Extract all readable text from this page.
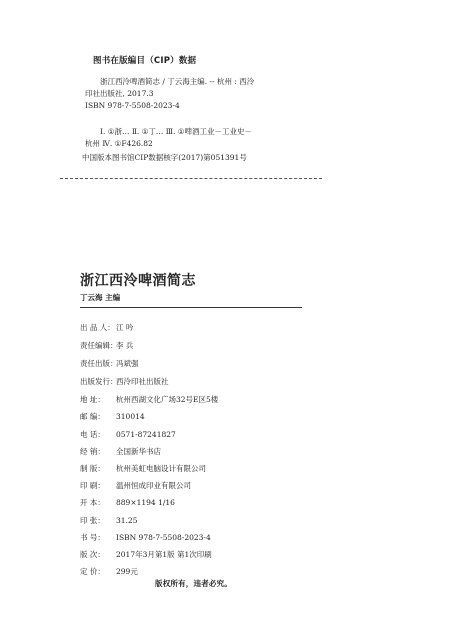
图书在版编目（CIP）数据
浙江西泠啤酒简志 / 丁云海主编. -- 杭州 : 西泠
印社出版社, 2017.3
ISBN 978-7-5508-2023-4
Ⅰ. ①浙… Ⅱ. ①丁… Ⅲ. ①啤酒工业－工业史－
杭州 Ⅳ. ①F426.82
中国版本图书馆CIP数据核字(2017)第051391号
浙江西泠啤酒简志
丁云海 主编
出 品 人：江 吟
责任编辑：李 兵
责任出版：冯斌强
出版发行：西泠印社出版社
地 址： 杭州西湖文化广场32号E区5楼
邮 编： 310014
电 话： 0571-87241827
经 销： 全国新华书店
制 版： 杭州美虹电脑设计有限公司
印 刷： 温州恒成印业有限公司
开 本： 889×1194 1/16
印 张： 31.25
书 号： ISBN 978-7-5508-2023-4
版 次： 2017年3月第1版 第1次印刷
定 价： 299元
版权所有，违者必究。
